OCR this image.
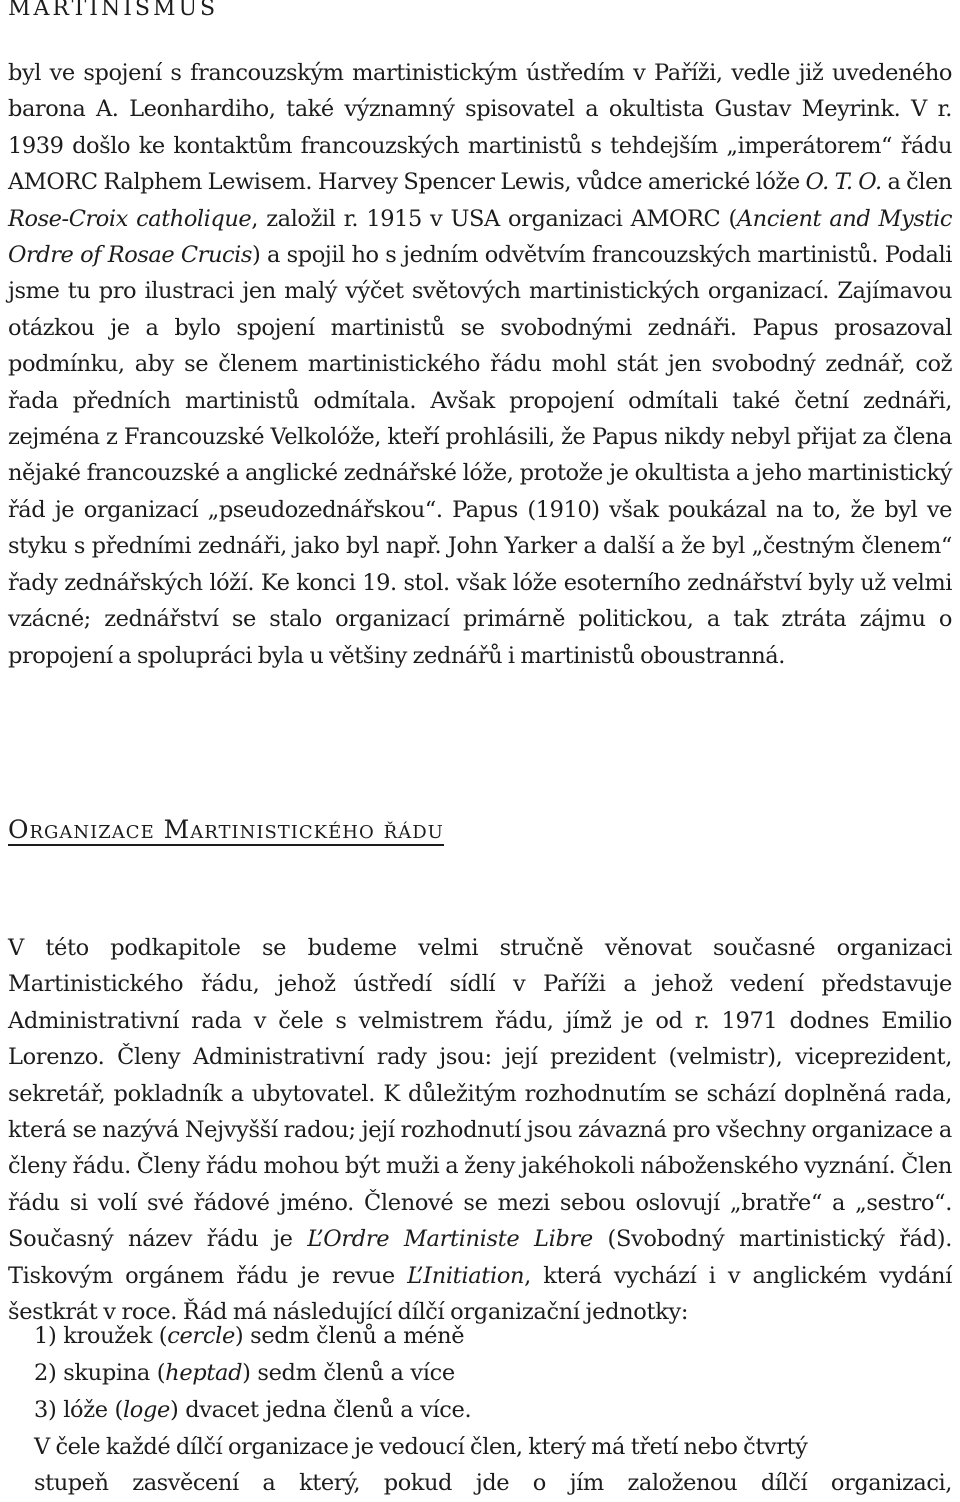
MARTINISMUS

byl ve spojení s francouzským martinistickým ústředím v Paříži, vedle již uvedeného barona A. Leonhardiho, také významný spisovatel a okultista Gustav Meyrink. V r. 1939 došlo ke kontaktům francouzských martinistů s tehdejším „imperátorem“ řádu AMORC Ralphem Lewisem. Harvey Spencer Lewis, vůdce americké lóže O. T. O. a člen Rose-Croix catholique, založil r. 1915 v USA organizaci AMORC (Ancient and Mystic Ordre of Rosae Crucis) a spojil ho s jedním odvětvím francouzských martinistů. Podali jsme tu pro ilustraci jen malý výčet světových martinistických organizací. Zajímavou otázkou je a bylo spojení martinistů se svobodnými zednáři. Papus prosazoval podmínku, aby se členem martinistického řádu mohl stát jen svobodný zednář, což řada předních martinistů odmítala. Avšak propojení odmítali také četní zednáři, zejména z Francouzské Velkolóže, kteří prohlásili, že Papus nikdy nebyl přijat za člena nějaké francouzské a anglické zednářské lóže, protože je okultista a jeho martinistický řád je organizací „pseudozednářskou“. Papus (1910) však poukázal na to, že byl ve styku s předními zednáři, jako byl např. John Yarker a další a že byl „čestným členem“ řady zednářských lóží. Ke konci 19. stol. však lóže esoterního zednářství byly už velmi vzácné; zednářství se stalo organizací primárně politickou, a tak ztráta zájmu o propojení a spolupráci byla u většiny zednářů i martinistů oboustranná.

Organizace Martinistického řádu

V této podkapitole se budeme velmi stručně věnovat současné organizaci Martinistického řádu, jehož ústředí sídlí v Paříži a jehož vedení představuje Administrativní rada v čele s velmistrem řádu, jímž je od r. 1971 dodnes Emilio Lorenzo. Členy Administrativní rady jsou: její prezident (velmistr), viceprezident, sekretář, pokladník a ubytovatel. K důležitým rozhodnutím se schází doplněná rada, která se nazývá Nejvyšší radou; její rozhodnutí jsou závazná pro všechny organizace a členy řádu. Členy řádu mohou být muži a ženy jakéhokoli náboženského vyznání. Člen řádu si volí své řádové jméno. Členové se mezi sebou oslovují „bratře“ a „sestro“. Současný název řádu je L’Ordre Martiniste Libre (Svobodný martinistický řád). Tiskovým orgánem řádu je revue L’Initiation, která vychází i v anglickém vydání šestkrát v roce. Řád má následující dílčí organizační jednotky:

1) kroužek (cercle) sedm členů a méně
2) skupina (heptad) sedm členů a více
3) lóže (loge) dvacet jedna členů a více.

V čele každé dílčí organizace je vedoucí člen, který má třetí nebo čtvrtý
stupeň zasvěcení a který, pokud jde o jím založenou dílčí organizaci,
